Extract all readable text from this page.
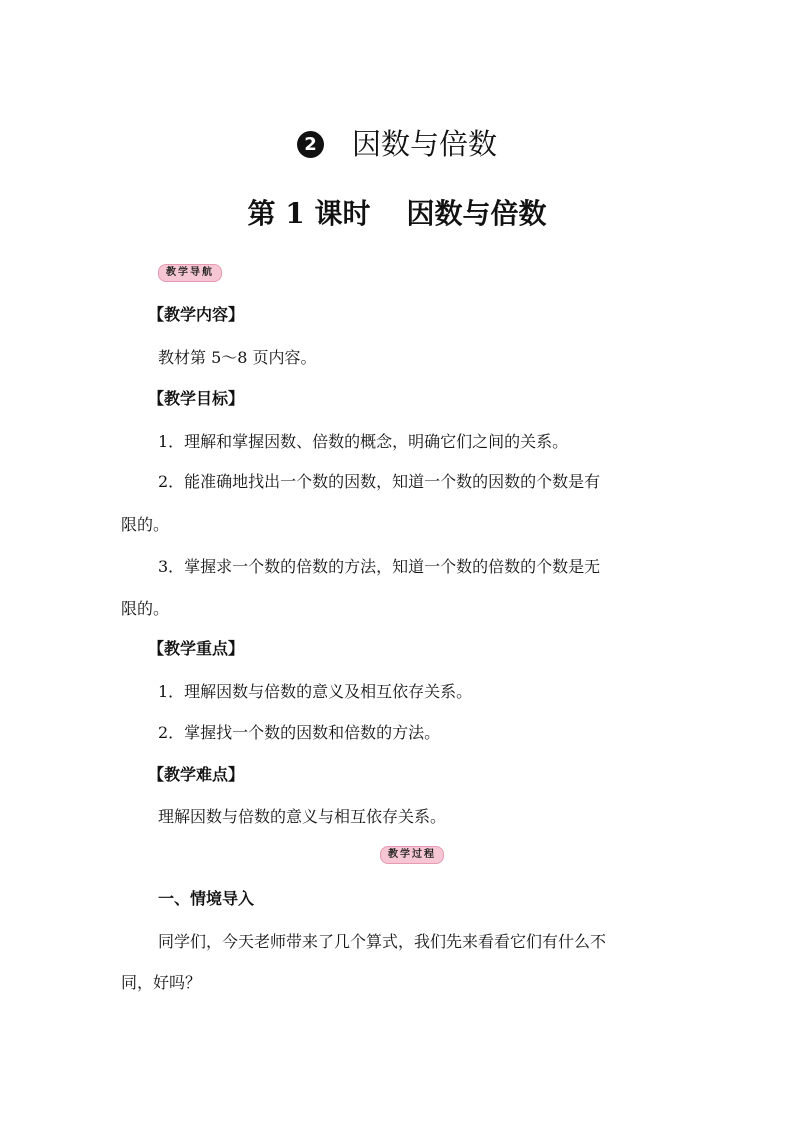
2 因数与倍数
第 1 课时 因数与倍数
教学导航
【教学内容】
教材第 5～8 页内容。
【教学目标】
1．理解和掌握因数、倍数的概念，明确它们之间的关系。
2．能准确地找出一个数的因数，知道一个数的因数的个数是有
限的。
3．掌握求一个数的倍数的方法，知道一个数的倍数的个数是无
限的。
【教学重点】
1．理解因数与倍数的意义及相互依存关系。
2．掌握找一个数的因数和倍数的方法。
【教学难点】
理解因数与倍数的意义与相互依存关系。
教学过程
一、情境导入
同学们，今天老师带来了几个算式，我们先来看看它们有什么不
同，好吗？
